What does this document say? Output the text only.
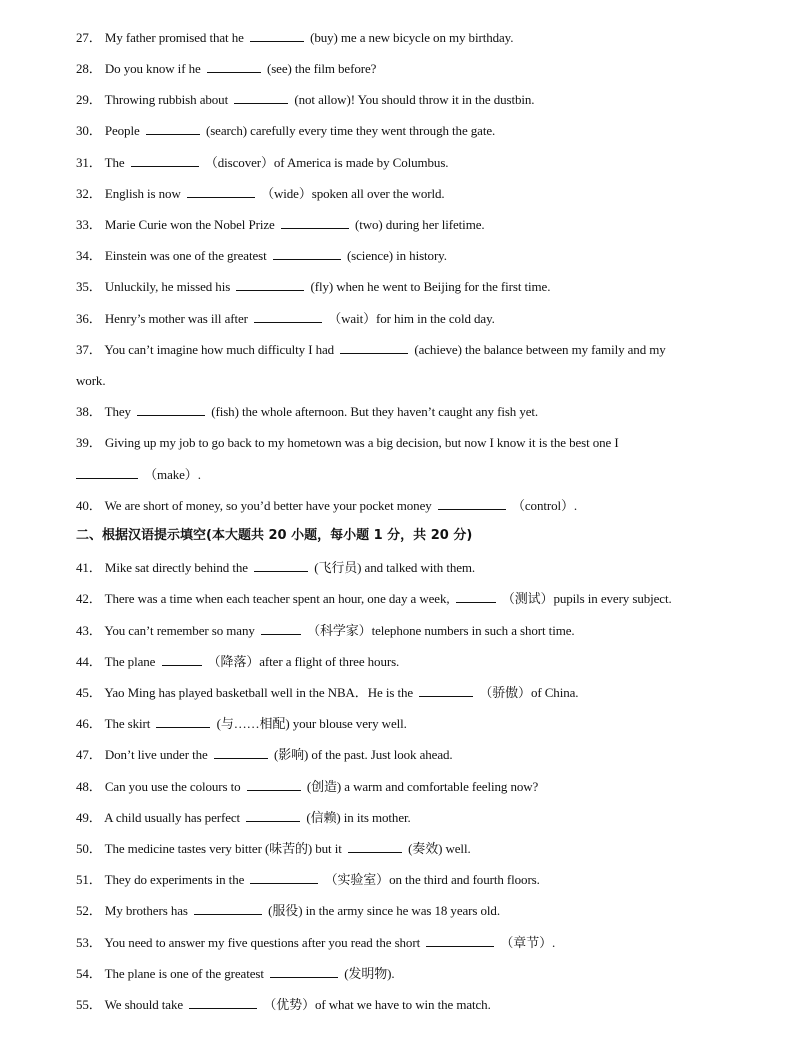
27． My father promised that he	(buy) me a new bicycle on my birthday.
28． Do you know if he	(see) the film before?
29． Throwing rubbish about	(not allow)! You should throw it in the dustbin.
30． People	(search) carefully every time they went through the gate.
31． The	（discover）of America is made by Columbus.
32． English is now	（wide）spoken all over the world.
33． Marie Curie won the Nobel Prize	(two) during her lifetime.
34． Einstein was one of the greatest	(science) in history.
35． Unluckily, he missed his	(fly) when he went to Beijing for the first time.
36． Henry’s mother was ill after	（wait）for him in the cold day.
37． You can’t imagine how much difficulty I had	(achieve) the balance between my family and my
work.
38． They	(fish) the whole afternoon. But they haven’t caught any fish yet.
39． Giving up my job to go back to my hometown was a big decision, but now I know it is the best one I
（make）.
40． We are short of money, so you’d better have your pocket money	（control）.
二、根据汉语提示填空(本大题共 20 小题，每小题 1 分，共 20 分)
41． Mike sat directly behind the	(飞行员) and talked with them.
42． There was a time when each teacher spent an hour, one day a week,	（测试）pupils in every subject.
43． You can’t remember so many	（科学家）telephone numbers in such a short time.
44． The plane	（降落）after a flight of three hours.
45． Yao Ming has played basketball well in the NBA．He is the	（骄傲）of China.
46． The skirt	(与……相配) your blouse very well.
47． Don’t live under the	(影响) of the past. Just look ahead.
48． Can you use the colours to	(创造) a warm and comfortable feeling now?
49． A child usually has perfect	(信赖) in its mother.
50． The medicine tastes very bitter (味苦的) but it	(奏效) well.
51． They do experiments in the	（实验室）on the third and fourth floors.
52． My brothers has	(服役) in the army since he was 18 years old.
53． You need to answer my five questions after you read the short	（章节）.
54． The plane is one of the greatest	(发明物).
55． We should take	（优势）of what we have to win the match.
